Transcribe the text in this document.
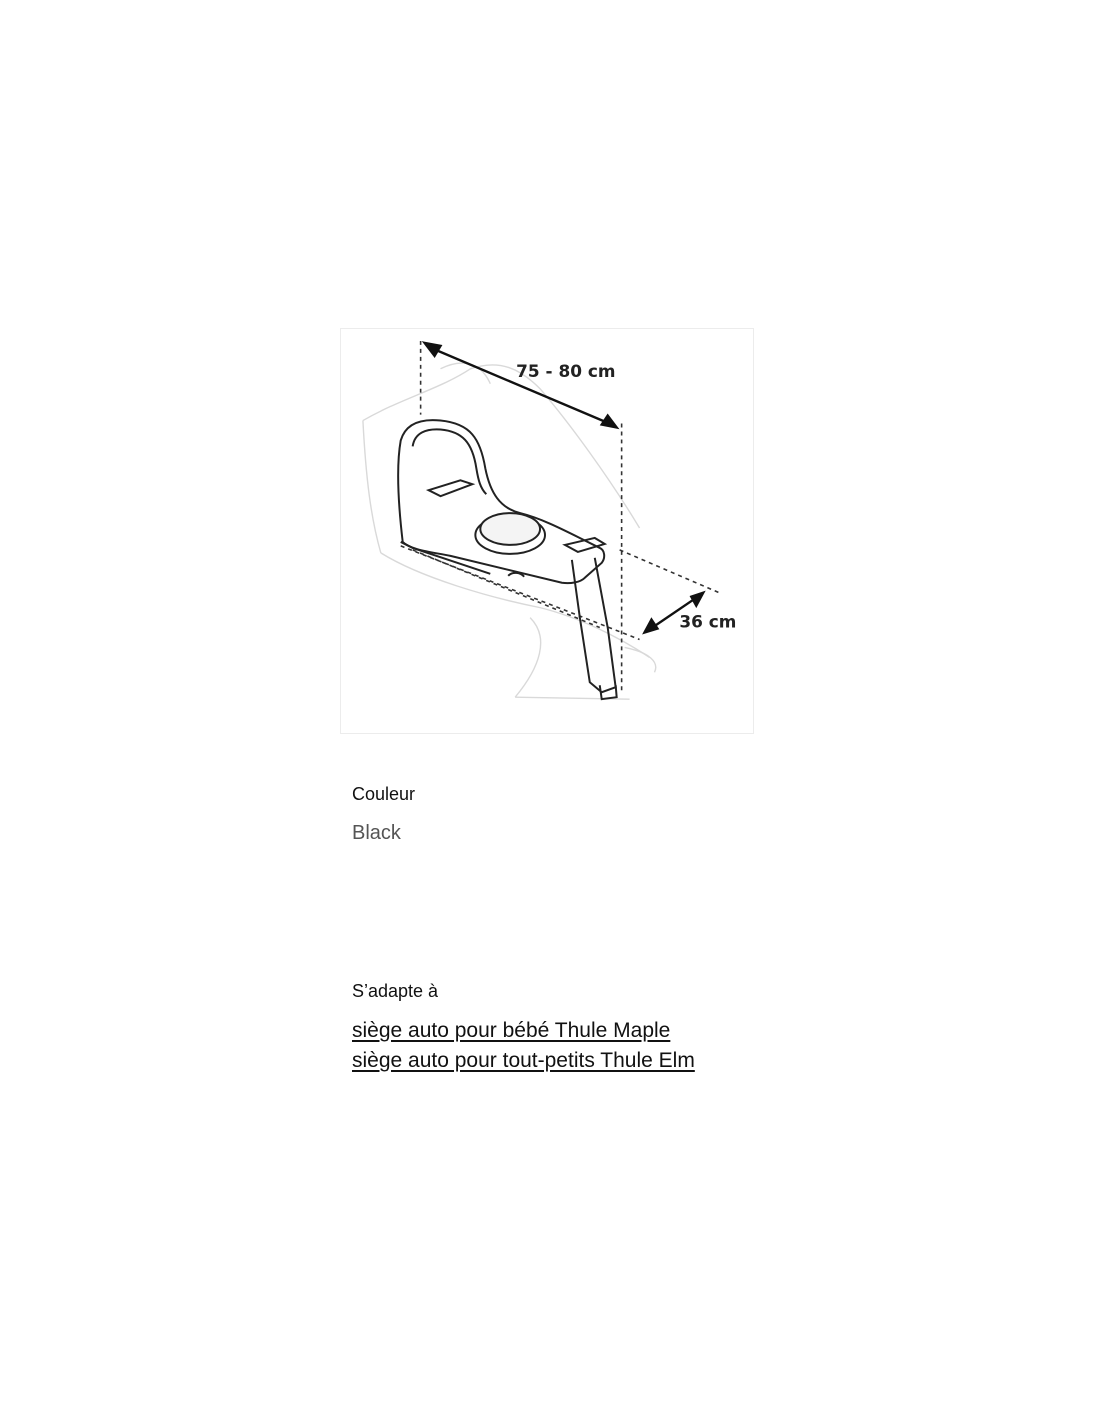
75 - 80 cm
36 cm
Couleur
Black
S’adapte à
siège auto pour bébé Thule Maple
siège auto pour tout-petits Thule Elm
